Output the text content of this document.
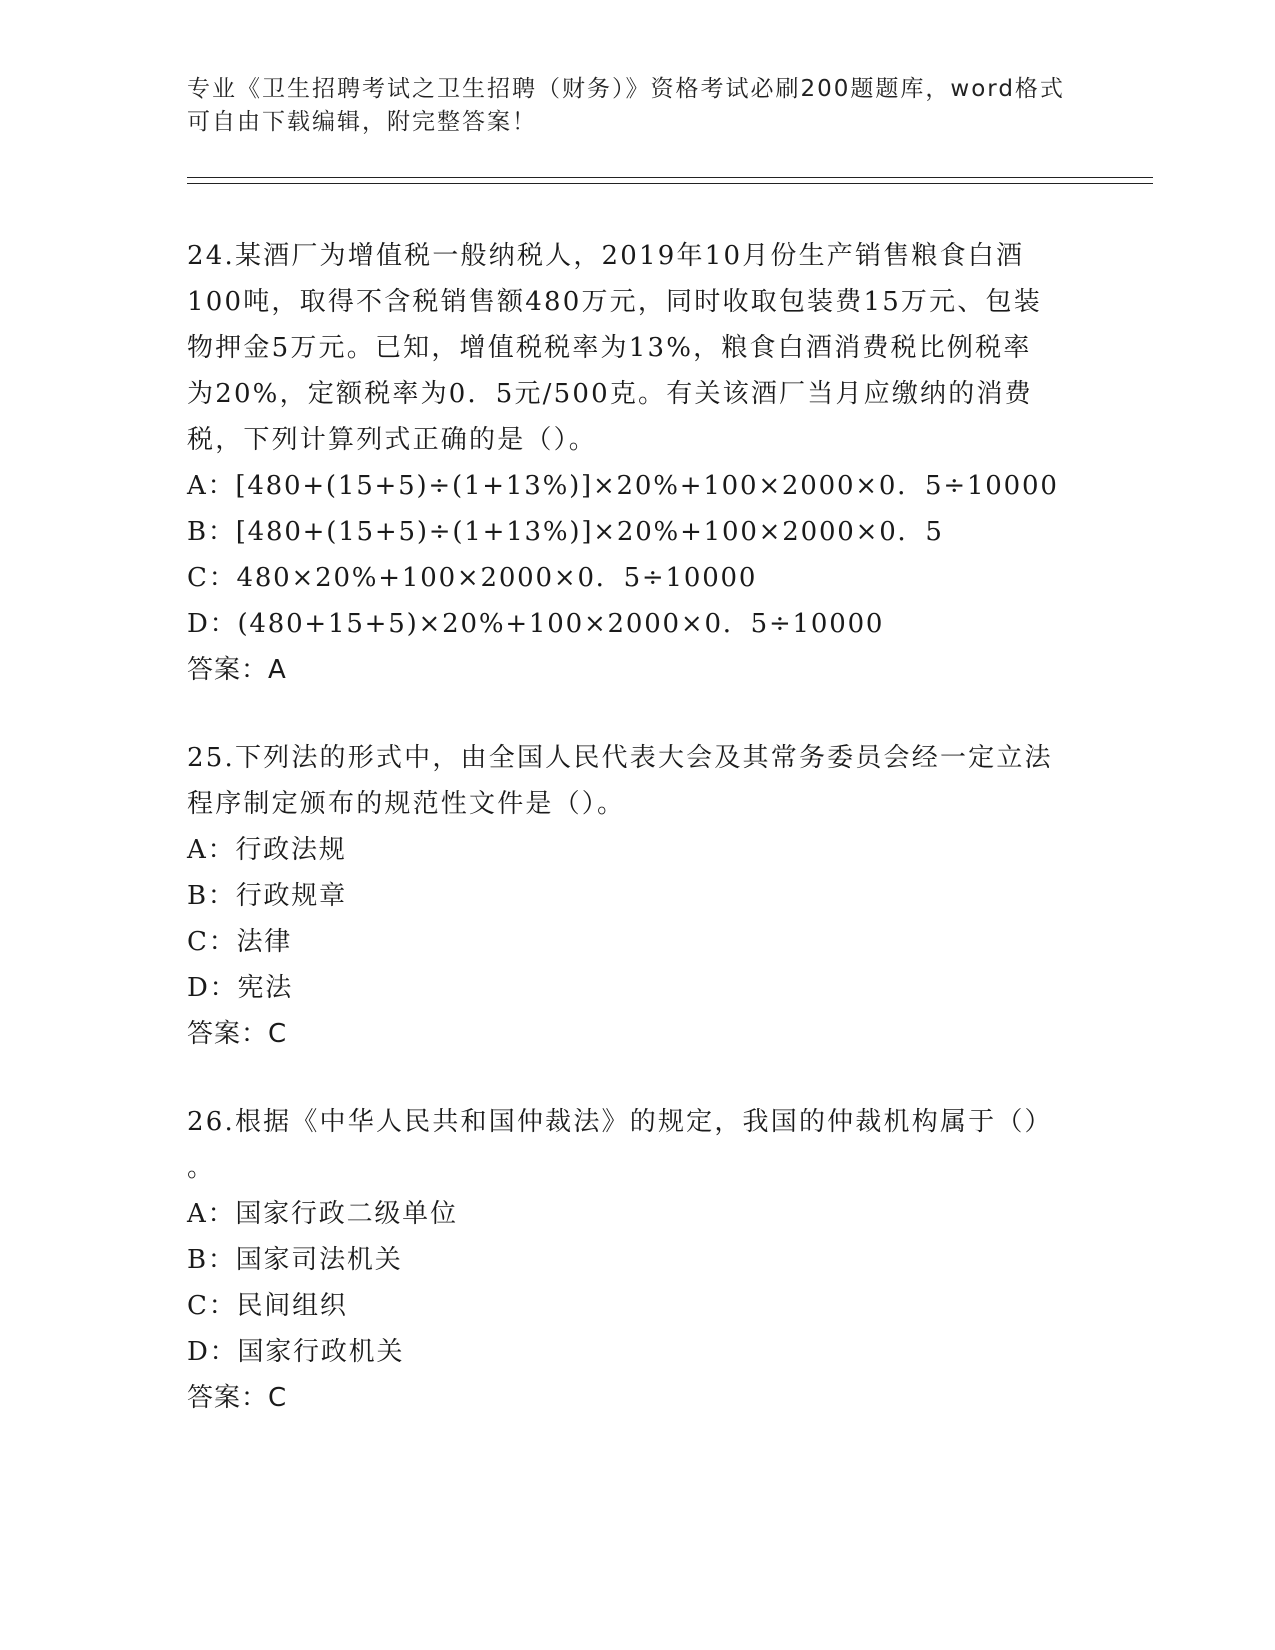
专业《卫生招聘考试之卫生招聘（财务）》资格考试必刷200题题库，word格式

可自由下载编辑，附完整答案！

24.某酒厂为增值税一般纳税人，2019年10月份生产销售粮食白酒

100吨，取得不含税销售额480万元，同时收取包装费15万元、包装

物押金5万元。已知，增值税税率为13%，粮食白酒消费税比例税率

为20%，定额税率为0．5元/500克。有关该酒厂当月应缴纳的消费

税，下列计算列式正确的是（）。

A：[480+(15+5)÷(1+13%)]×20%+100×2000×0．5÷10000

B：[480+(15+5)÷(1+13%)]×20%+100×2000×0．5

C：480×20%+100×2000×0．5÷10000

D：(480+15+5)×20%+100×2000×0．5÷10000

答案：A

25.下列法的形式中，由全国人民代表大会及其常务委员会经一定立法

程序制定颁布的规范性文件是（）。

A：行政法规

B：行政规章

C：法律

D：宪法

答案：C

26.根据《中华人民共和国仲裁法》的规定，我国的仲裁机构属于（）

。

A：国家行政二级单位

B：国家司法机关

C：民间组织

D：国家行政机关

答案：C
